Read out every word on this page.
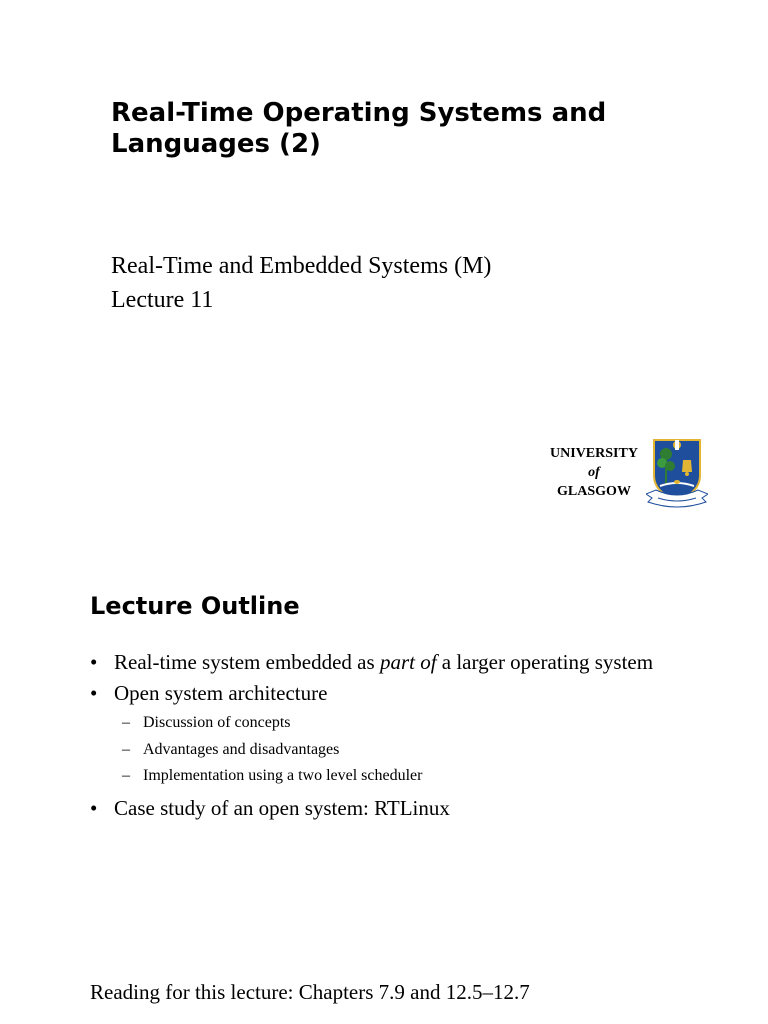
Real-Time Operating Systems and Languages (2)
Real-Time and Embedded Systems (M)
Lecture 11
UNIVERSITY
of
GLASGOW
Lecture Outline
• Real-time system embedded as part of a larger operating system
• Open system architecture
– Discussion of concepts
– Advantages and disadvantages
– Implementation using a two level scheduler
• Case study of an open system: RTLinux
Reading for this lecture: Chapters 7.9 and 12.5–12.7
